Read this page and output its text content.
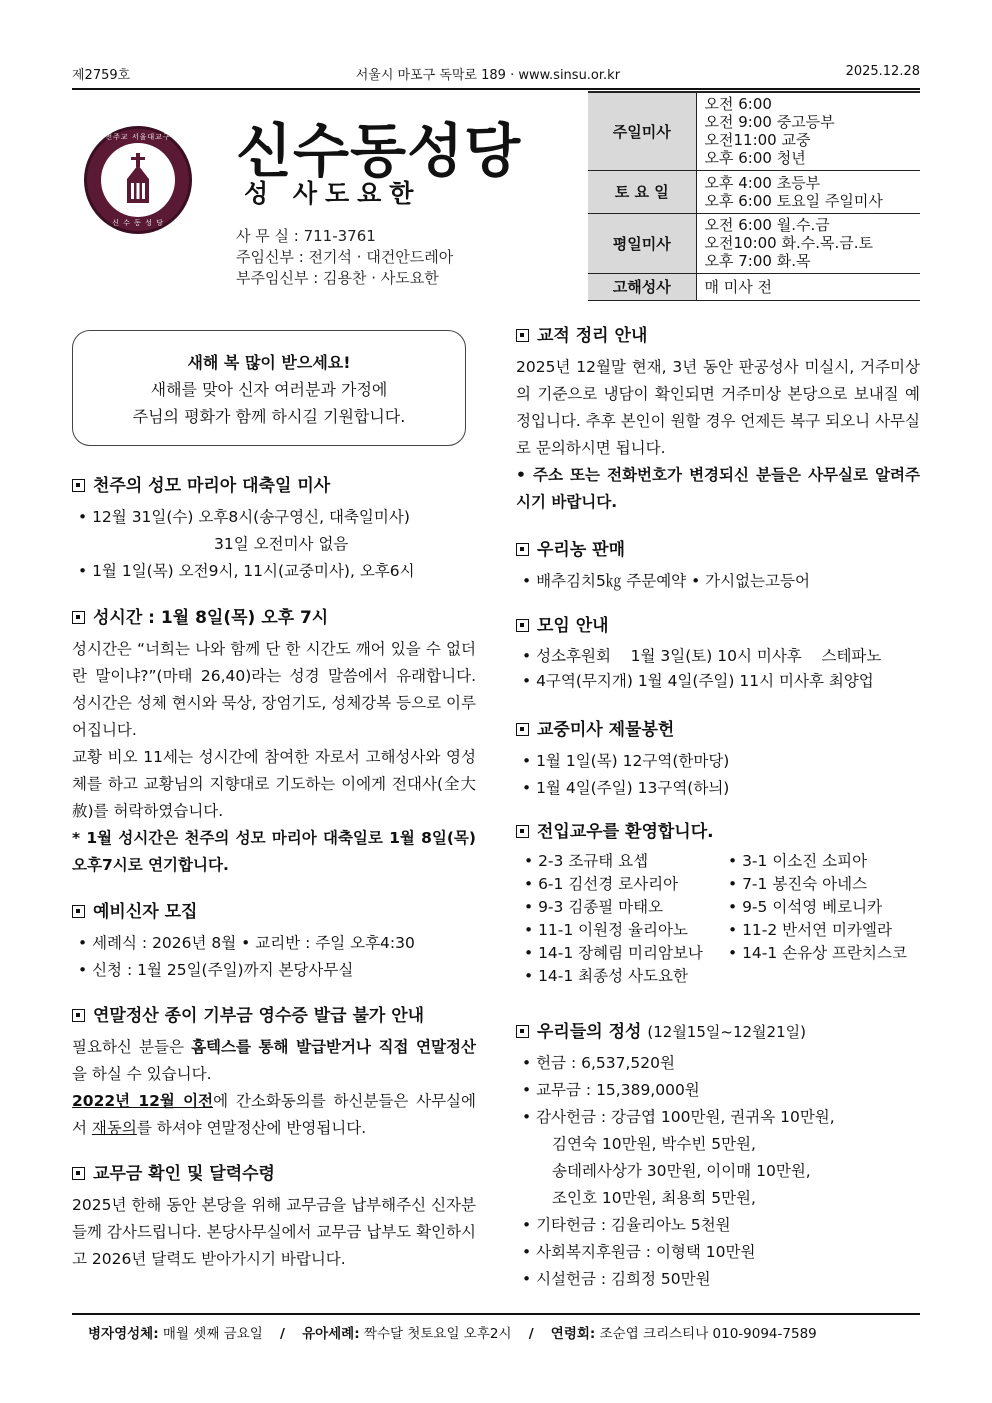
제2759호	서울시 마포구 독막로 189 · www.sinsu.or.kr	2025.12.28
천주교 서울대교구
신 수 동 성 당
신수동성당
성 사도요한
사 무 실 : 711-3761
주임신부 : 전기석 · 대건안드레아
부주임신부 : 김용찬 · 사도요한
주일미사	오전 6:00
오전 9:00 중고등부
오전11:00 교중
오후 6:00 청년

토 요 일	오후 4:00 초등부
오후 6:00 토요일 주일미사

평일미사	오전 6:00 월.수.금
오전10:00 화.수.목.금.토
오후 7:00 화.목

고해성사	매 미사 전
새해 복 많이 받으세요!
새해를 맞아 신자 여러분과 가정에
주님의 평화가 함께 하시길 기원합니다.
천주의 성모 마리아 대축일 미사
• 12월 31일(수) 오후8시(송구영신, 대축일미사)
31일 오전미사 없음
• 1월 1일(목) 오전9시, 11시(교중미사), 오후6시
성시간 : 1월 8일(목) 오후 7시

성시간은 “너희는 나와 함께 단 한 시간도 깨어 있을 수 없더란 말이냐?”(마태 26,40)라는 성경 말씀에서 유래합니다. 성시간은 성체 현시와 묵상, 장엄기도, 성체강복 등으로 이루어집니다.

교황 비오 11세는 성시간에 참여한 자로서 고해성사와 영성체를 하고 교황님의 지향대로 기도하는 이에게 전대사(全大赦)를 허락하였습니다.

* 1월 성시간은 천주의 성모 마리아 대축일로 1월 8일(목) 오후7시로 연기합니다.

예비신자 모집
• 세례식 : 2026년 8월 • 교리반 : 주일 오후4:30
• 신청 : 1월 25일(주일)까지 본당사무실
연말정산 종이 기부금 영수증 발급 불가 안내

필요하신 분들은 홈텍스를 통해 발급받거나 직접 연말정산을 하실 수 있습니다.

2022년 12월 이전에 간소화동의를 하신분들은 사무실에서 재동의를 하셔야 연말정산에 반영됩니다.

교무금 확인 및 달력수령

2025년 한해 동안 본당을 위해 교무금을 납부해주신 신자분들께 감사드립니다. 본당사무실에서 교무금 납부도 확인하시고 2026년 달력도 받아가시기 바랍니다.

교적 정리 안내

2025년 12월말 현재, 3년 동안 판공성사 미실시, 거주미상의 기준으로 냉담이 확인되면 거주미상 본당으로 보내질 예정입니다. 추후 본인이 원할 경우 언제든 복구 되오니 사무실로 문의하시면 됩니다.

• 주소 또는 전화번호가 변경되신 분들은 사무실로 알려주시기 바랍니다.

우리농 판매
• 배추김치5㎏ 주문예약 • 가시없는고등어
모임 안내
• 성소후원회    1월 3일(토) 10시 미사후    스테파노
• 4구역(무지개) 1월 4일(주일) 11시 미사후 최양업
교중미사 제물봉헌
• 1월 1일(목) 12구역(한마당)
• 1월 4일(주일) 13구역(하늬)
전입교우를 환영합니다.
• 2-3 조규태 요셉	• 3-1 이소진 소피아
• 6-1 김선경 로사리아	• 7-1 봉진숙 아네스
• 9-3 김종필 마태오	• 9-5 이석영 베로니카
• 11-1 이원정 율리아노	• 11-2 반서연 미카엘라
• 14-1 장혜림 미리암보나	• 14-1 손유상 프란치스코
• 14-1 최종성 사도요한
우리들의 정성 (12월15일~12월21일)
• 헌금 : 6,537,520원
• 교무금 : 15,389,000원
• 감사헌금 : 강금엽 100만원, 권귀옥 10만원,
김연숙 10만원, 박수빈 5만원,
송데레사상가 30만원, 이이매 10만원,
조인호 10만원, 최용희 5만원,
• 기타헌금 : 김율리아노 5천원
• 사회복지후원금 : 이형택 10만원
• 시설헌금 : 김희정 50만원
병자영성체: 매월 셋째 금요일 / 유아세례: 짝수달 첫토요일 오후2시 / 연령회: 조순엽 크리스티나 010-9094-7589
